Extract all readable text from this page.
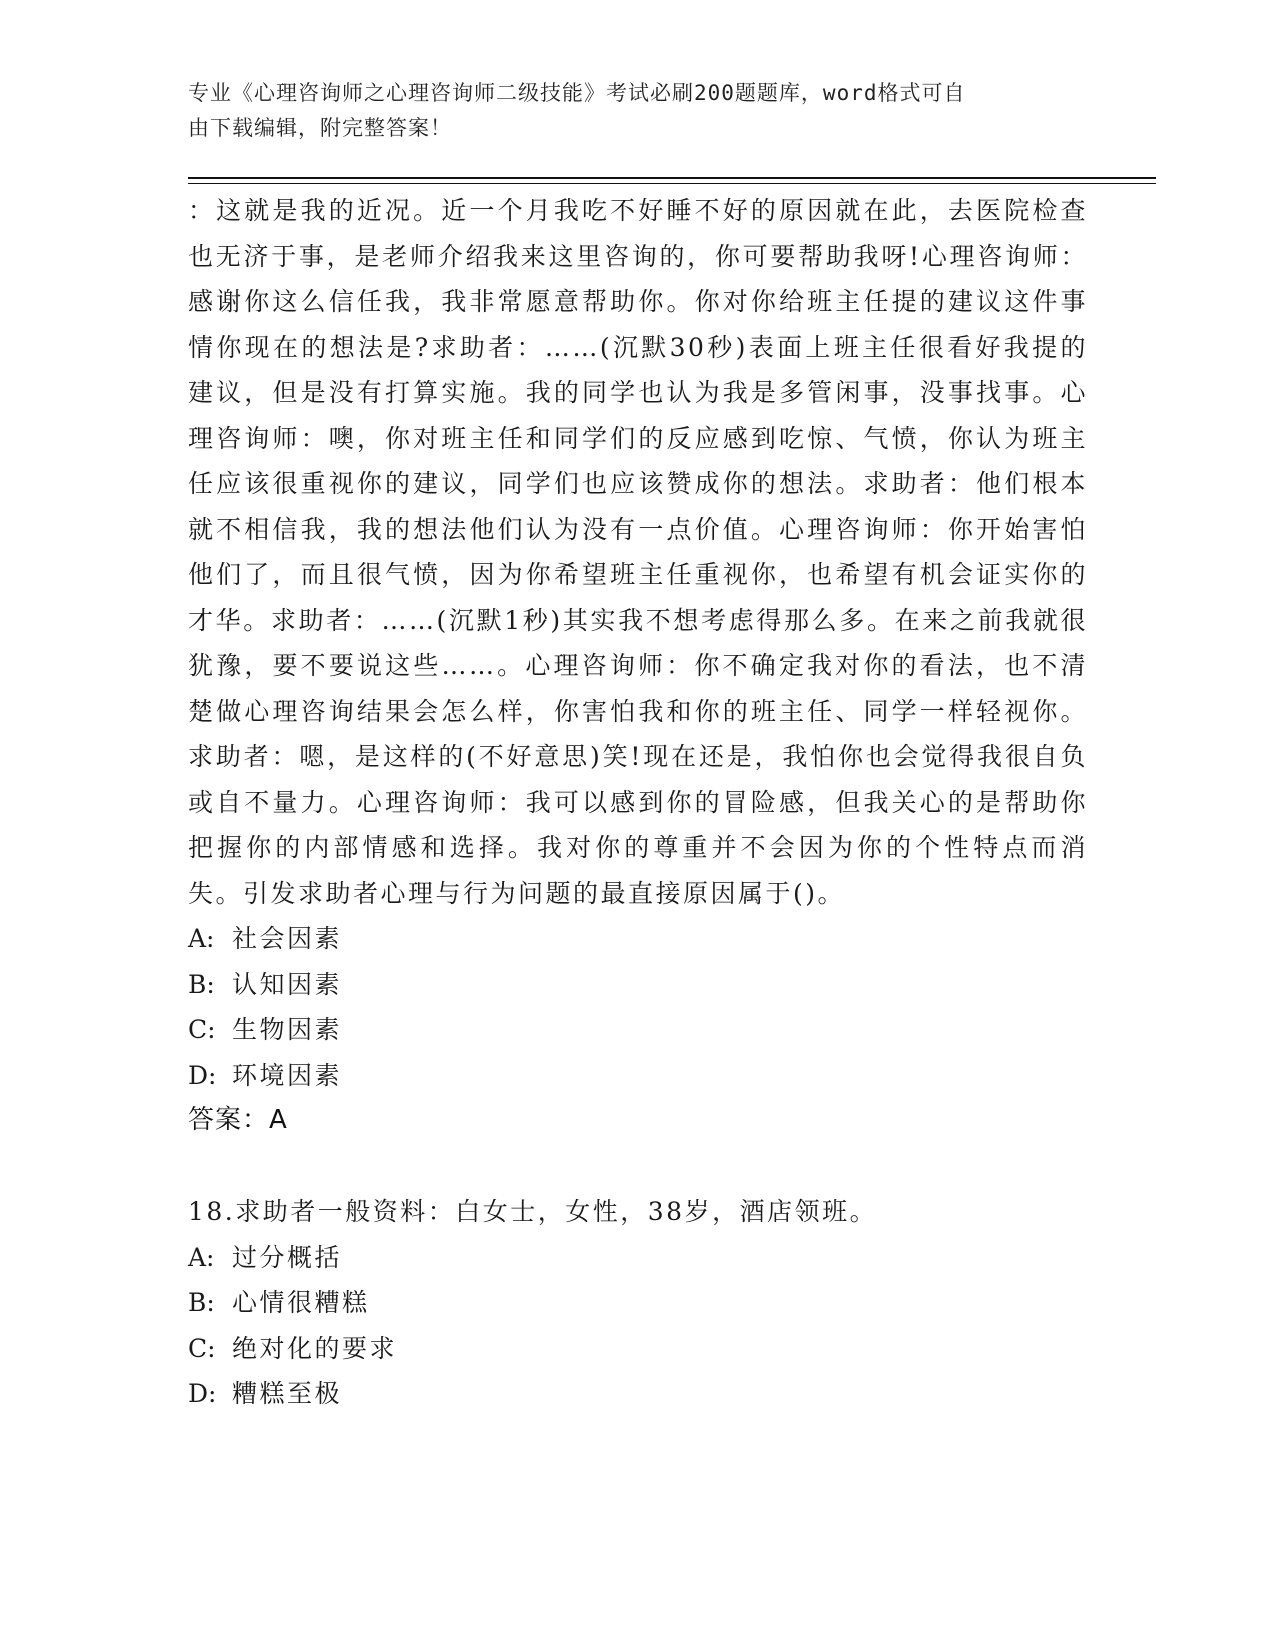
专业《心理咨询师之心理咨询师二级技能》考试必刷200题题库，word格式可自
由下载编辑，附完整答案！

：这就是我的近况。近一个月我吃不好睡不好的原因就在此，去医院检查也无济于事，是老师介绍我来这里咨询的，你可要帮助我呀!心理咨询师：感谢你这么信任我，我非常愿意帮助你。你对你给班主任提的建议这件事情你现在的想法是?求助者：……(沉默30秒)表面上班主任很看好我提的建议，但是没有打算实施。我的同学也认为我是多管闲事，没事找事。心理咨询师：噢，你对班主任和同学们的反应感到吃惊、气愤，你认为班主任应该很重视你的建议，同学们也应该赞成你的想法。求助者：他们根本就不相信我，我的想法他们认为没有一点价值。心理咨询师：你开始害怕他们了，而且很气愤，因为你希望班主任重视你，也希望有机会证实你的才华。求助者：……(沉默1秒)其实我不想考虑得那么多。在来之前我就很犹豫，要不要说这些……。心理咨询师：你不确定我对你的看法，也不清楚做心理咨询结果会怎么样，你害怕我和你的班主任、同学一样轻视你。求助者：嗯，是这样的(不好意思)笑!现在还是，我怕你也会觉得我很自负或自不量力。心理咨询师：我可以感到你的冒险感，但我关心的是帮助你把握你的内部情感和选择。我对你的尊重并不会因为你的个性特点而消失。引发求助者心理与行为问题的最直接原因属于()。

A: 社会因素
B: 认知因素
C: 生物因素
D: 环境因素
答案：A

18.求助者一般资料：白女士，女性，38岁，酒店领班。

A: 过分概括
B: 心情很糟糕
C: 绝对化的要求
D: 糟糕至极
